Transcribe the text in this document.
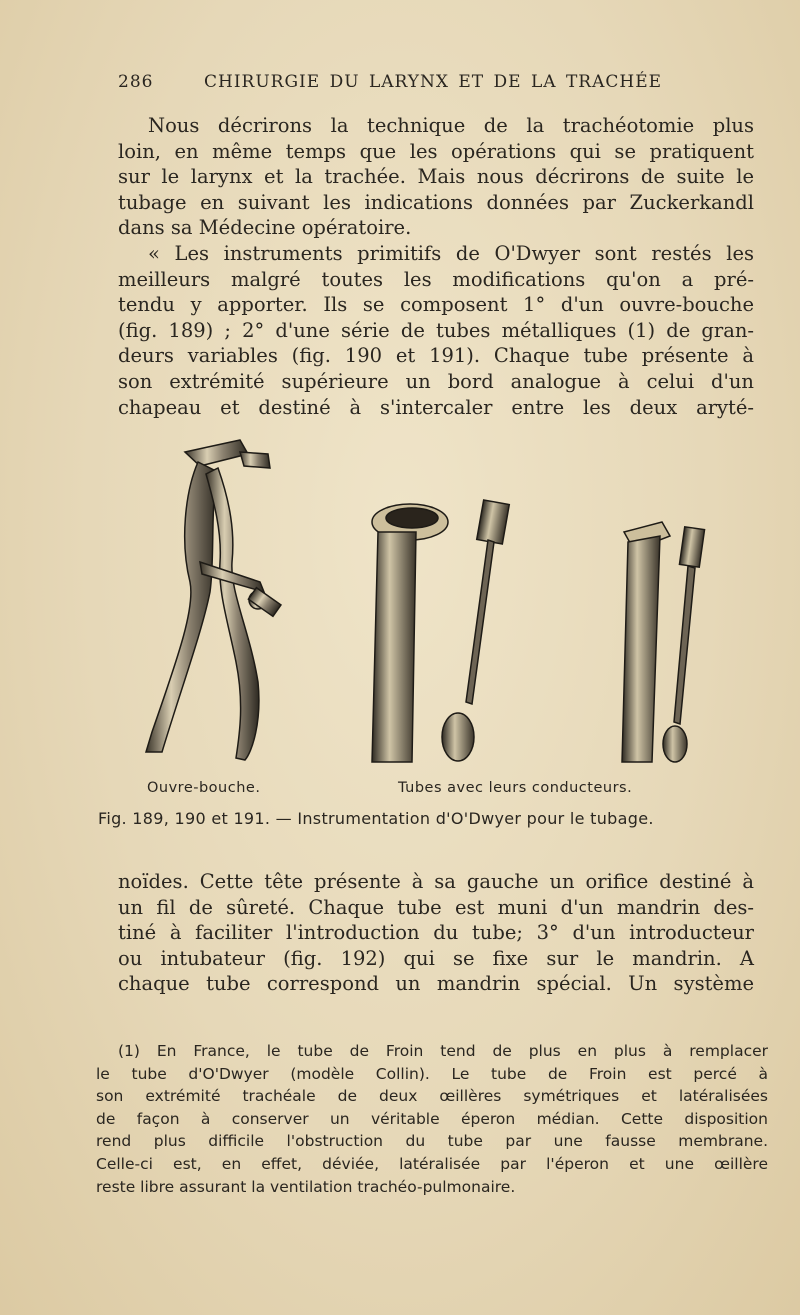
286	CHIRURGIE DU LARYNX ET DE LA TRACHÉE
Nous décrirons la technique de la trachéotomie plus
loin, en même temps que les opérations qui se pratiquent
sur le larynx et la trachée. Mais nous décrirons de suite le
tubage en suivant les indications données par Zuckerkandl
dans sa Médecine opératoire.
« Les instruments primitifs de O'Dwyer sont restés les
meilleurs malgré toutes les modifications qu'on a pré-
tendu y apporter. Ils se composent 1° d'un ouvre-bouche
(fig. 189) ; 2° d'une série de tubes métalliques (1) de gran-
deurs variables (fig. 190 et 191). Chaque tube présente à
son extrémité supérieure un bord analogue à celui d'un
chapeau et destiné à s'intercaler entre les deux aryté-
Ouvre-bouche.	Tubes avec leurs conducteurs.
Fig. 189, 190 et 191. — Instrumentation d'O'Dwyer pour le tubage.
noïdes. Cette tête présente à sa gauche un orifice destiné à
un fil de sûreté. Chaque tube est muni d'un mandrin des-
tiné à faciliter l'introduction du tube; 3° d'un introducteur
ou intubateur (fig. 192) qui se fixe sur le mandrin. A
chaque tube correspond un mandrin spécial. Un système
(1) En France, le tube de Froin tend de plus en plus à remplacer
le tube d'O'Dwyer (modèle Collin). Le tube de Froin est percé à
son extrémité trachéale de deux œillères symétriques et latéralisées
de façon à conserver un véritable éperon médian. Cette disposition
rend plus difficile l'obstruction du tube par une fausse membrane.
Celle-ci est, en effet, déviée, latéralisée par l'éperon et une œillère
reste libre assurant la ventilation trachéo-pulmonaire.
